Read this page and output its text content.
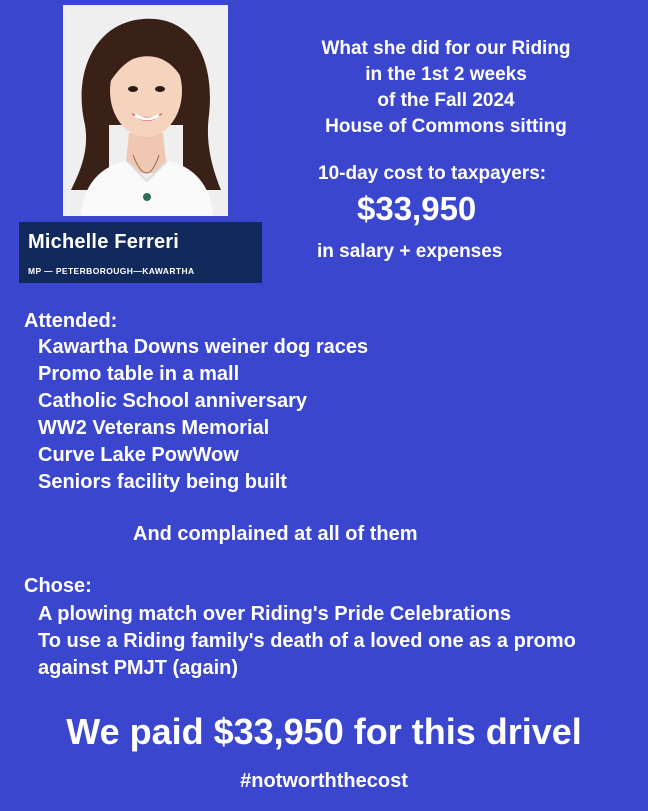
Michelle Ferreri
MP — PETERBOROUGH—KAWARTHA
What she did for our Riding
in the 1st 2 weeks
of the Fall 2024
House of Commons sitting
10-day cost to taxpayers:
$33,950
in salary + expenses
Attended:
Kawartha Downs weiner dog races
Promo table in a mall
Catholic School anniversary
WW2 Veterans Memorial
Curve Lake PowWow
Seniors facility being built
And complained at all of them
Chose:
A plowing match over Riding's Pride Celebrations
To use a Riding family's death of a loved one as a promo against PMJT (again)
We paid $33,950 for this drivel
#notworththecost
